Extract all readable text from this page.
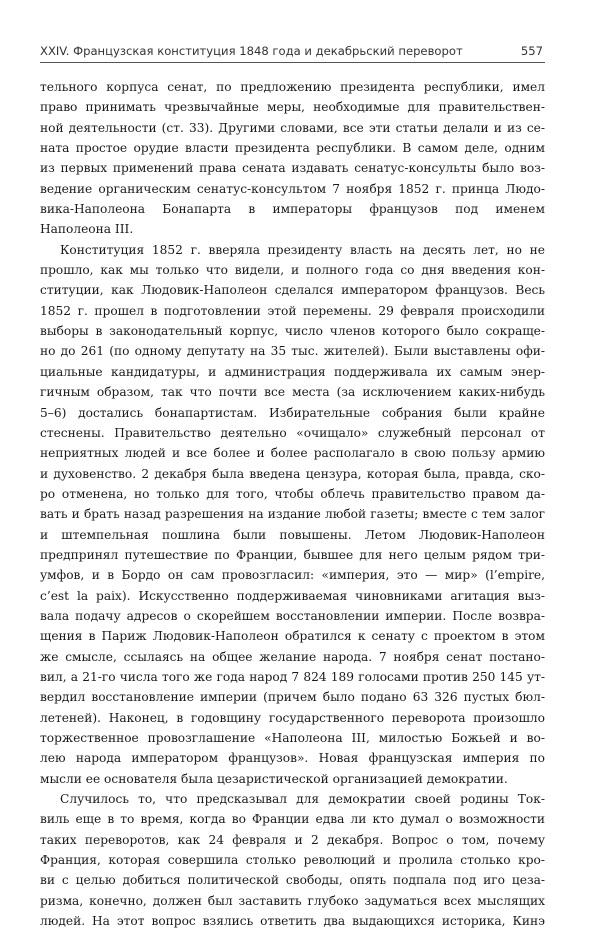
XXIV. Французская конституция 1848 года и декабрьский переворот	557
тельного корпуса сенат, по предложению президента республики, имел
право принимать чрезвычайные меры, необходимые для правительствен-
ной деятельности (ст. 33). Другими словами, все эти статьи делали и из се-
ната простое орудие власти президента республики. В самом деле, одним
из первых применений права сената издавать сенатус-консульты было воз-
ведение органическим сенатус-консультом 7 ноября 1852 г. принца Людо-
вика-Наполеона Бонапарта в императоры французов под именем
Наполеона III.
Конституция 1852 г. вверяла президенту власть на десять лет, но не
прошло, как мы только что видели, и полного года со дня введения кон-
ституции, как Людовик-Наполеон сделался императором французов. Весь
1852 г. прошел в подготовлении этой перемены. 29 февраля происходили
выборы в законодательный корпус, число членов которого было сокраще-
но до 261 (по одному депутату на 35 тыс. жителей). Были выставлены офи-
циальные кандидатуры, и администрация поддерживала их самым энер-
гичным образом, так что почти все места (за исключением каких-нибудь
5–6) достались бонапартистам. Избирательные собрания были крайне
стеснены. Правительство деятельно «очищало» служебный персонал от
неприятных людей и все более и более располагало в свою пользу армию
и духовенство. 2 декабря была введена цензура, которая была, правда, ско-
ро отменена, но только для того, чтобы облечь правительство правом да-
вать и брать назад разрешения на издание любой газеты; вместе с тем залог
и штемпельная пошлина были повышены. Летом Людовик-Наполеон
предпринял путешествие по Франции, бывшее для него целым рядом три-
умфов, и в Бордо он сам провозгласил: «империя, это — мир» (l’empire,
c’est la paix). Искусственно поддерживаемая чиновниками агитация выз-
вала подачу адресов о скорейшем восстановлении империи. После возвра-
щения в Париж Людовик-Наполеон обратился к сенату с проектом в этом
же смысле, ссылаясь на общее желание народа. 7 ноября сенат постано-
вил, а 21-го числа того же года народ 7 824 189 голосами против 250 145 ут-
вердил восстановление империи (причем было подано 63 326 пустых бюл-
летеней). Наконец, в годовщину государственного переворота произошло
торжественное провозглашение «Наполеона III, милостью Божьей и во-
лею народа императором французов». Новая французская империя по
мысли ее основателя была цезаристической организацией демократии.
Случилось то, что предсказывал для демократии своей родины Ток-
виль еще в то время, когда во Франции едва ли кто думал о возможности
таких переворотов, как 24 февраля и 2 декабря. Вопрос о том, почему
Франция, которая совершила столько революций и пролила столько кро-
ви с целью добиться политической свободы, опять подпала под иго цеза-
ризма, конечно, должен был заставить глубоко задуматься всех мыслящих
людей. На этот вопрос взялись ответить два выдающихся историка, Кинэ
